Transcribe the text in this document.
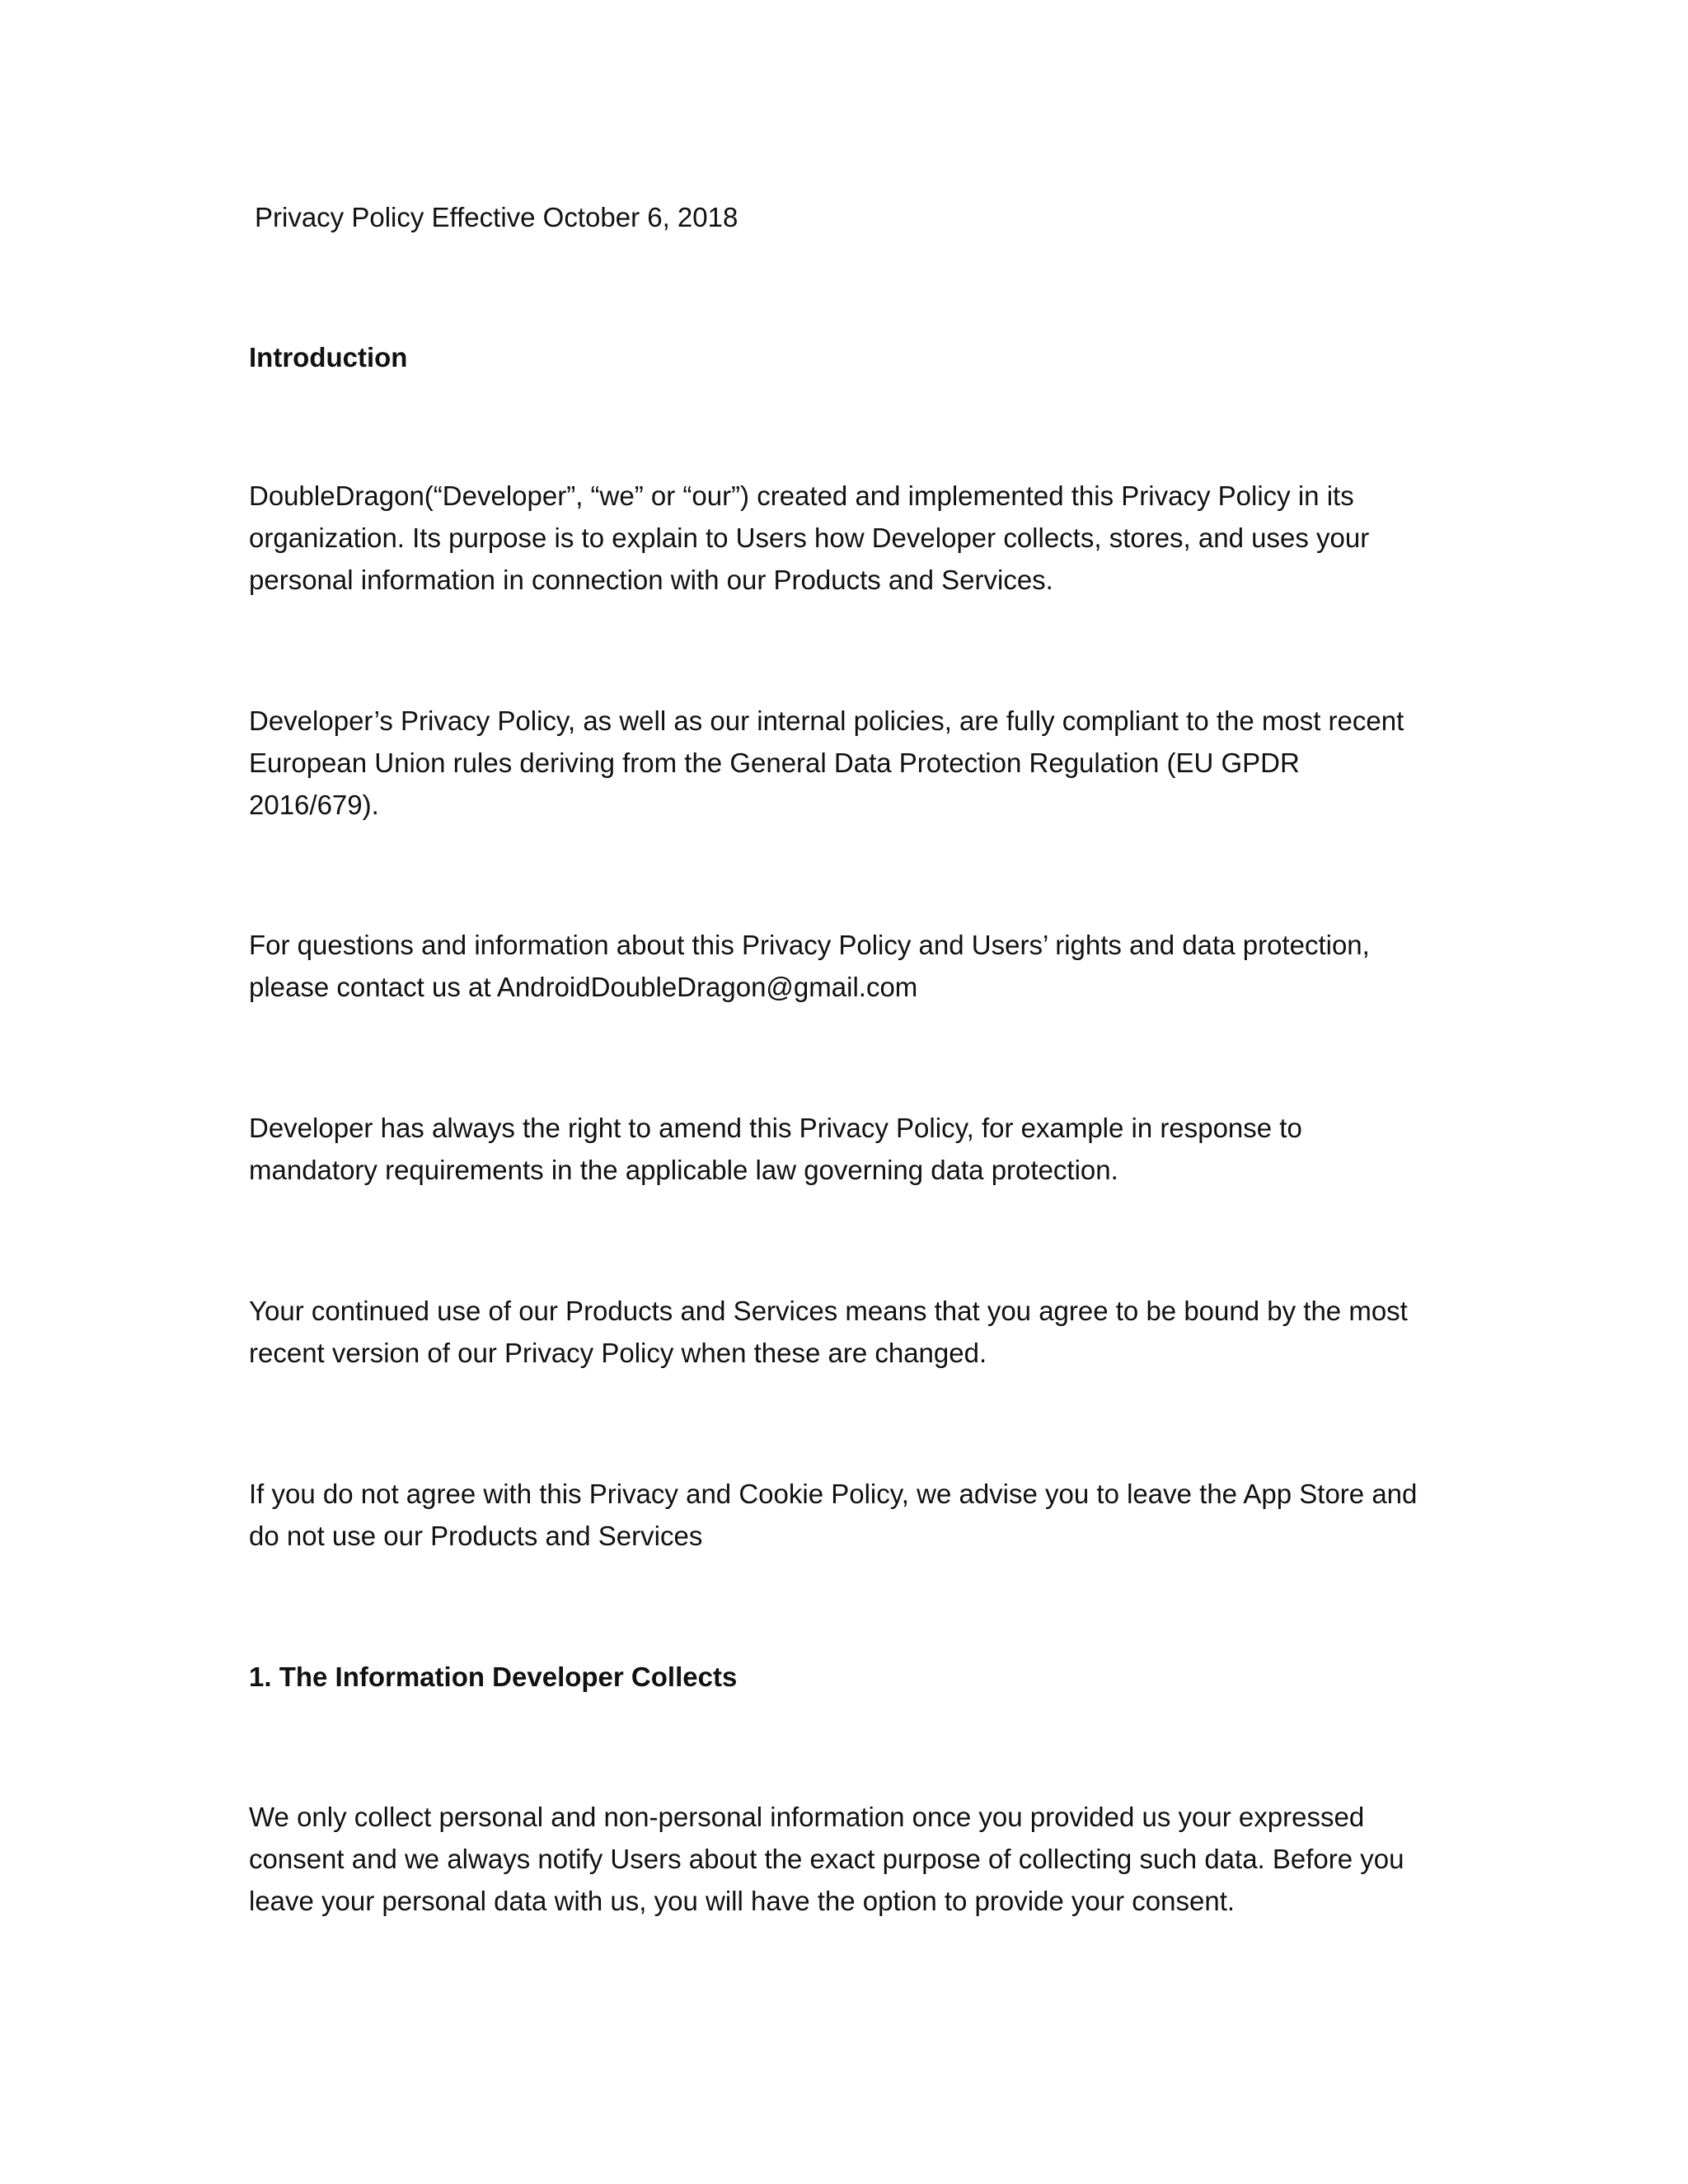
Privacy Policy Effective October 6, 2018

Introduction

DoubleDragon(“Developer”, “we” or “our”) created and implemented this Privacy Policy in its
organization. Its purpose is to explain to Users how Developer collects, stores, and uses your
personal information in connection with our Products and Services.
Developer’s Privacy Policy, as well as our internal policies, are fully compliant to the most recent
European Union rules deriving from the General Data Protection Regulation (EU GPDR
2016/679).
For questions and information about this Privacy Policy and Users’ rights and data protection,
please contact us at AndroidDoubleDragon@gmail.com
Developer has always the right to amend this Privacy Policy, for example in response to
mandatory requirements in the applicable law governing data protection.
Your continued use of our Products and Services means that you agree to be bound by the most
recent version of our Privacy Policy when these are changed.
If you do not agree with this Privacy and Cookie Policy, we advise you to leave the App Store and
do not use our Products and Services

1. The Information Developer Collects

We only collect personal and non-personal information once you provided us your expressed
consent and we always notify Users about the exact purpose of collecting such data. Before you
leave your personal data with us, you will have the option to provide your consent.
